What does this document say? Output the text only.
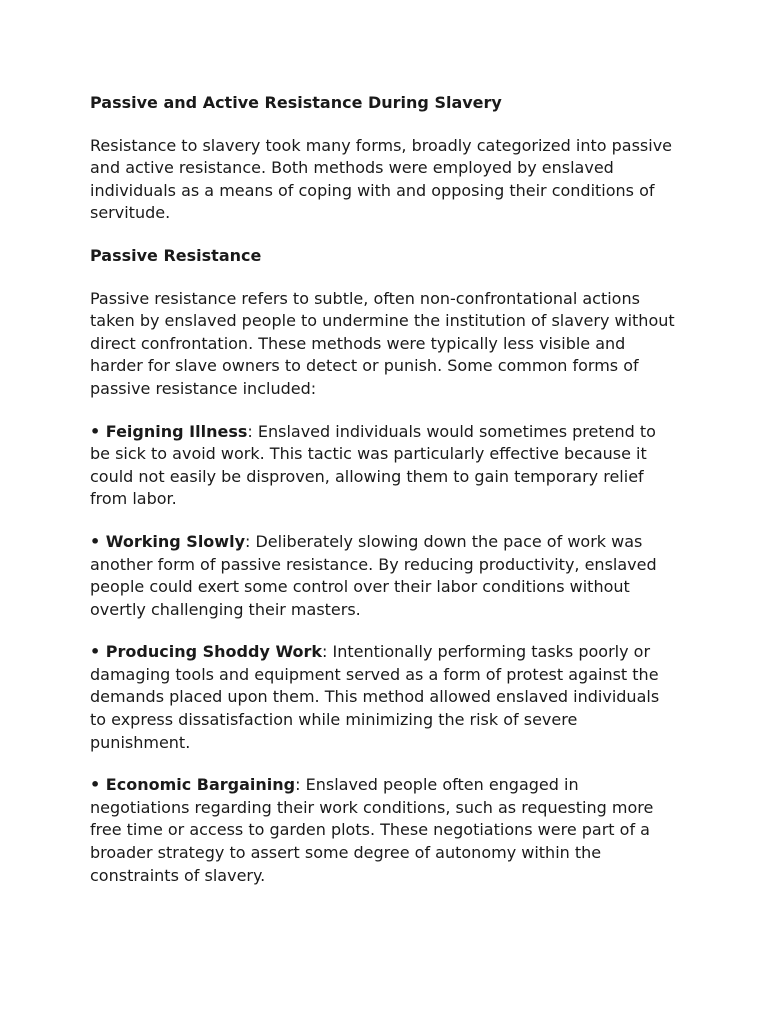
Passive and Active Resistance During Slavery
Resistance to slavery took many forms, broadly categorized into passive and active resistance. Both methods were employed by enslaved individuals as a means of coping with and opposing their conditions of servitude.
Passive Resistance
Passive resistance refers to subtle, often non-confrontational actions taken by enslaved people to undermine the institution of slavery without direct confrontation. These methods were typically less visible and harder for slave owners to detect or punish. Some common forms of passive resistance included:
• Feigning Illness: Enslaved individuals would sometimes pretend to be sick to avoid work. This tactic was particularly effective because it could not easily be disproven, allowing them to gain temporary relief from labor.
• Working Slowly: Deliberately slowing down the pace of work was another form of passive resistance. By reducing productivity, enslaved people could exert some control over their labor conditions without overtly challenging their masters.
• Producing Shoddy Work: Intentionally performing tasks poorly or damaging tools and equipment served as a form of protest against the demands placed upon them. This method allowed enslaved individuals to express dissatisfaction while minimizing the risk of severe punishment.
• Economic Bargaining: Enslaved people often engaged in negotiations regarding their work conditions, such as requesting more free time or access to garden plots. These negotiations were part of a broader strategy to assert some degree of autonomy within the constraints of slavery.
